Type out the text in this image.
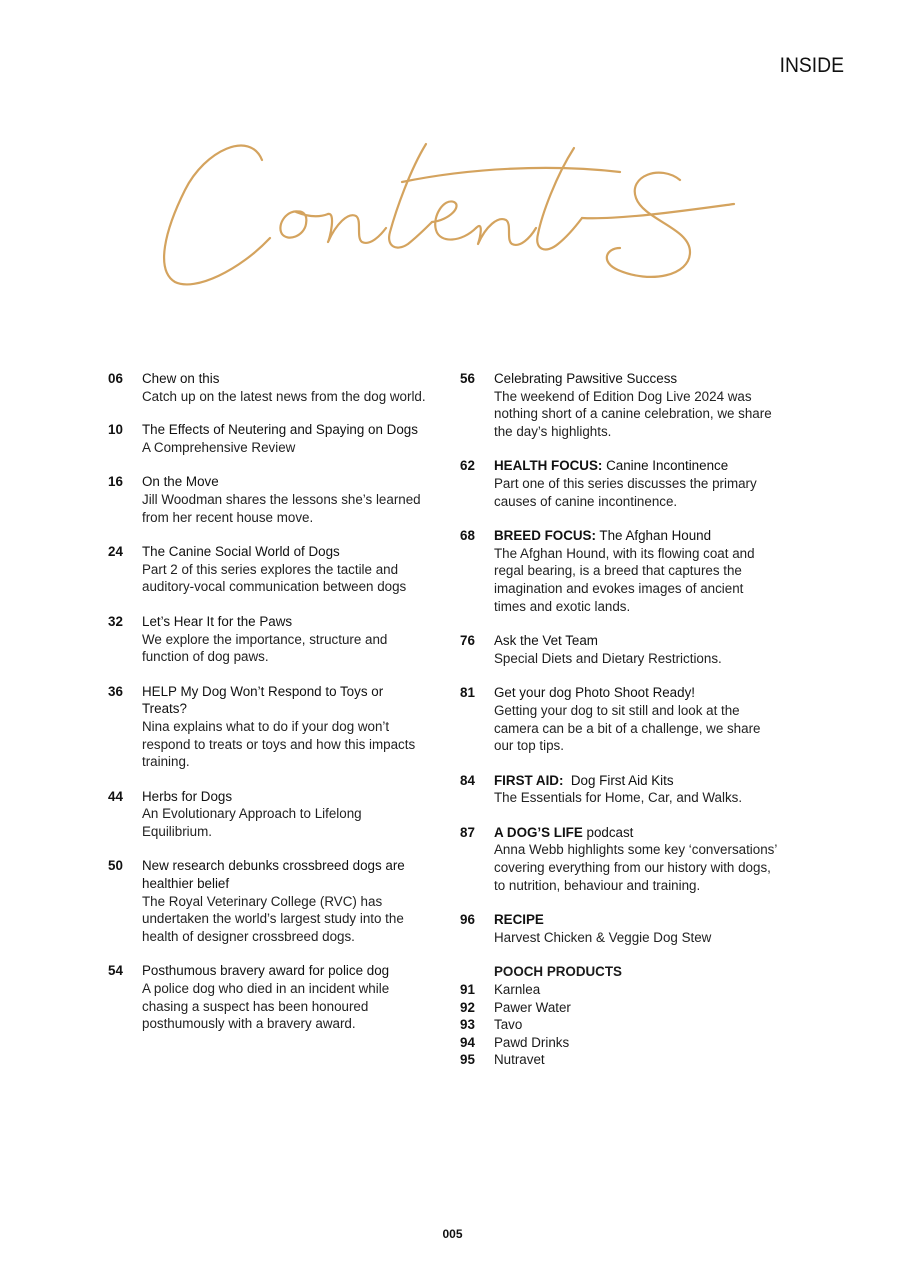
INSIDE
06	Chew on this
Catch up on the latest news from the dog world.
10	The Effects of Neutering and Spaying on Dogs
A Comprehensive Review
16	On the Move
Jill Woodman shares the lessons she’s learned
from her recent house move.
24	The Canine Social World of Dogs
Part 2 of this series explores the tactile and
auditory-vocal communication between dogs
32	Let’s Hear It for the Paws
We explore the importance, structure and
function of dog paws.
36	HELP My Dog Won’t Respond to Toys or
Treats?
Nina explains what to do if your dog won’t
respond to treats or toys and how this impacts
training.
44	Herbs for Dogs
An Evolutionary Approach to Lifelong
Equilibrium.
50	New research debunks crossbreed dogs are
healthier belief
The Royal Veterinary College (RVC) has
undertaken the world’s largest study into the
health of designer crossbreed dogs.
54	Posthumous bravery award for police dog
A police dog who died in an incident while
chasing a suspect has been honoured
posthumously with a bravery award.
56	Celebrating Pawsitive Success
The weekend of Edition Dog Live 2024 was
nothing short of a canine celebration, we share
the day’s highlights.
62	HEALTH FOCUS: Canine Incontinence
Part one of this series discusses the primary
causes of canine incontinence.
68	BREED FOCUS: The Afghan Hound
The Afghan Hound, with its flowing coat and
regal bearing, is a breed that captures the
imagination and evokes images of ancient
times and exotic lands.
76	Ask the Vet Team
Special Diets and Dietary Restrictions.
81	Get your dog Photo Shoot Ready!
Getting your dog to sit still and look at the
camera can be a bit of a challenge, we share
our top tips.
84	FIRST AID:  Dog First Aid Kits
The Essentials for Home, Car, and Walks.
87	A DOG’S LIFE podcast
Anna Webb highlights some key ‘conversations’
covering everything from our history with dogs,
to nutrition, behaviour and training.
96	RECIPE
Harvest Chicken & Veggie Dog Stew
POOCH PRODUCTS
91	Karnlea
92	Pawer Water
93	Tavo
94	Pawd Drinks
95	Nutravet
005
